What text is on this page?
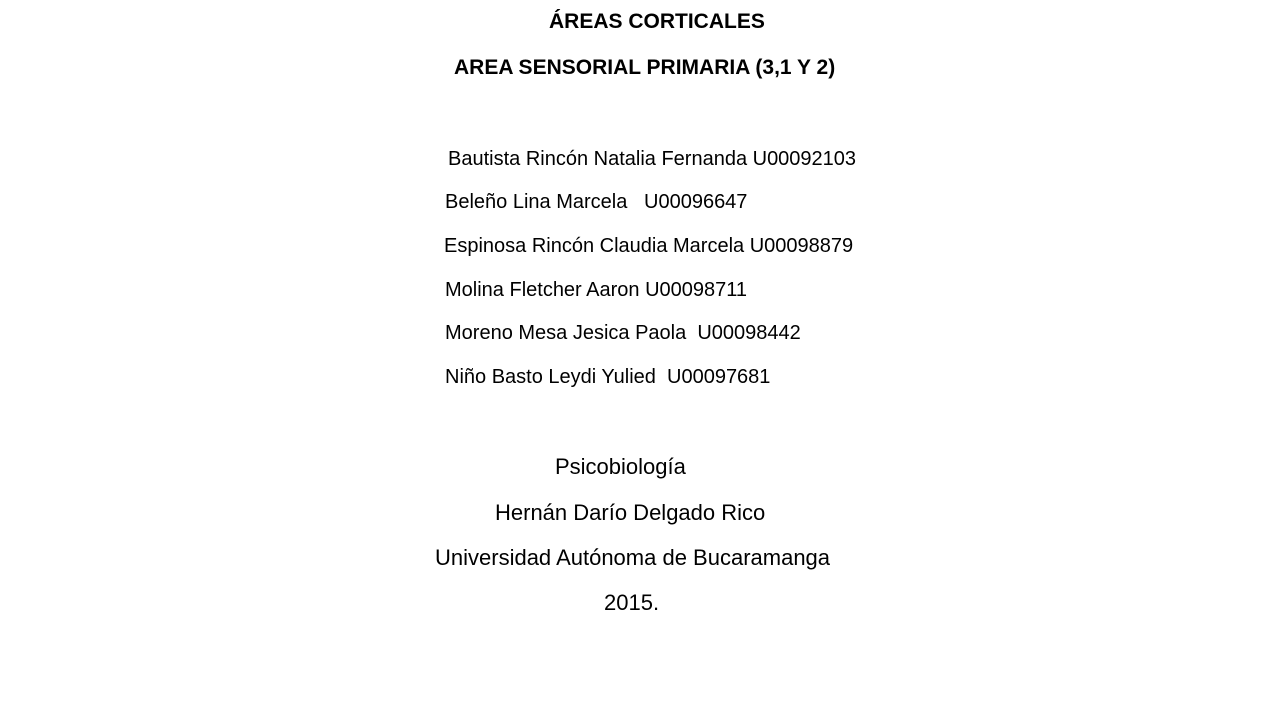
ÁREAS CORTICALES
AREA SENSORIAL PRIMARIA (3,1 Y 2)
Bautista Rincón Natalia Fernanda U00092103
Beleño Lina Marcela   U00096647
Espinosa Rincón Claudia Marcela U00098879
Molina Fletcher Aaron U00098711
Moreno Mesa Jesica Paola  U00098442
Niño Basto Leydi Yulied  U00097681
Psicobiología
Hernán Darío Delgado Rico
Universidad Autónoma de Bucaramanga
2015.
